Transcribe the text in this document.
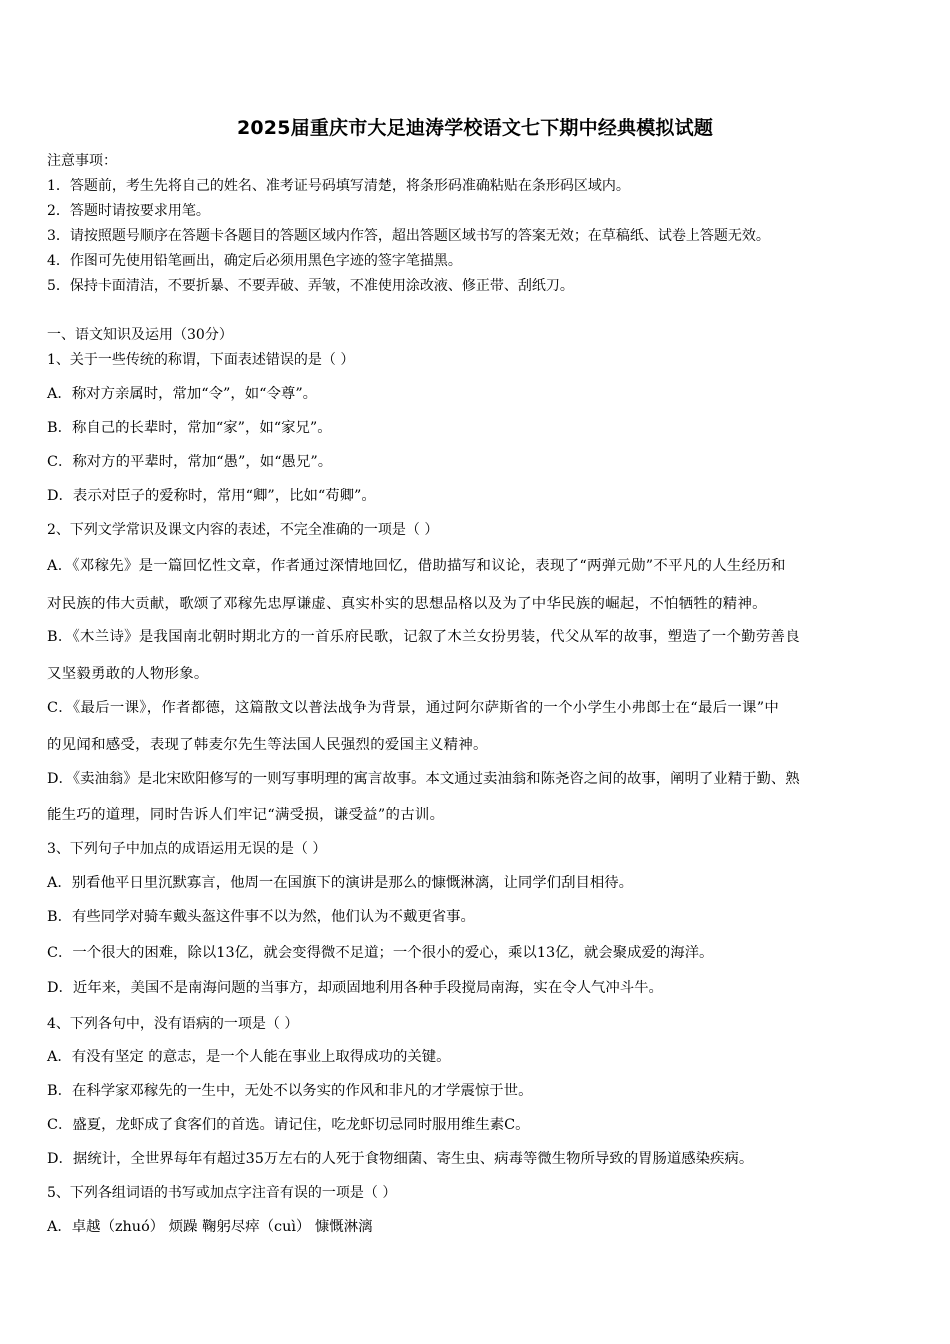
2025届重庆市大足迪涛学校语文七下期中经典模拟试题
注意事项：
1．答题前，考生先将自己的姓名、准考证号码填写清楚，将条形码准确粘贴在条形码区域内。
2．答题时请按要求用笔。
3．请按照题号顺序在答题卡各题目的答题区域内作答，超出答题区域书写的答案无效；在草稿纸、试卷上答题无效。
4．作图可先使用铅笔画出，确定后必须用黑色字迹的签字笔描黑。
5．保持卡面清洁，不要折暴、不要弄破、弄皱，不准使用涂改液、修正带、刮纸刀。
一、语文知识及运用（30分）
1、关于一些传统的称谓，下面表述错误的是（ ）
A．称对方亲属时，常加“令”，如“令尊”。
B．称自己的长辈时，常加“家”，如“家兄”。
C．称对方的平辈时，常加“愚”，如“愚兄”。
D．表示对臣子的爱称时，常用“卿”，比如“苟卿”。
2、下列文学常识及课文内容的表述，不完全准确的一项是（ ）
A．《邓稼先》是一篇回忆性文章，作者通过深情地回忆，借助描写和议论，表现了“两弹元勋”不平凡的人生经历和
对民族的伟大贡献，歌颂了邓稼先忠厚谦虚、真实朴实的思想品格以及为了中华民族的崛起，不怕牺牲的精神。
B．《木兰诗》是我国南北朝时期北方的一首乐府民歌，记叙了木兰女扮男装，代父从军的故事，塑造了一个勤劳善良
又坚毅勇敢的人物形象。
C．《最后一课》，作者都德，这篇散文以普法战争为背景，通过阿尔萨斯省的一个小学生小弗郎士在“最后一课”中
的见闻和感受，表现了韩麦尔先生等法国人民强烈的爱国主义精神。
D．《卖油翁》是北宋欧阳修写的一则写事明理的寓言故事。本文通过卖油翁和陈尧咨之间的故事，阐明了业精于勤、熟
能生巧的道理，同时告诉人们牢记“满受损，谦受益”的古训。
3、下列句子中加点的成语运用无误的是（ ）
A．别看他平日里沉默寡言，他周一在国旗下的演讲是那么的慷慨淋漓，让同学们刮目相待。
B．有些同学对骑车戴头盔这件事不以为然，他们认为不戴更省事。
C．一个很大的困难，除以13亿，就会变得微不足道；一个很小的爱心，乘以13亿，就会聚成爱的海洋。
D．近年来，美国不是南海问题的当事方，却顽固地利用各种手段搅局南海，实在令人气冲斗牛。
4、下列各句中，没有语病的一项是（ ）
A．有没有坚定 的意志，是一个人能在事业上取得成功的关键。
B．在科学家邓稼先的一生中，无处不以务实的作风和非凡的才学震惊于世。
C．盛夏，龙虾成了食客们的首选。请记住，吃龙虾切忌同时服用维生素C。
D．据统计，全世界每年有超过35万左右的人死于食物细菌、寄生虫、病毒等微生物所导致的胃肠道感染疾病。
5、下列各组词语的书写或加点字注音有误的一项是（ ）
A．卓越（zhuó） 烦躁 鞠躬尽瘁（cuì） 慷慨淋漓
